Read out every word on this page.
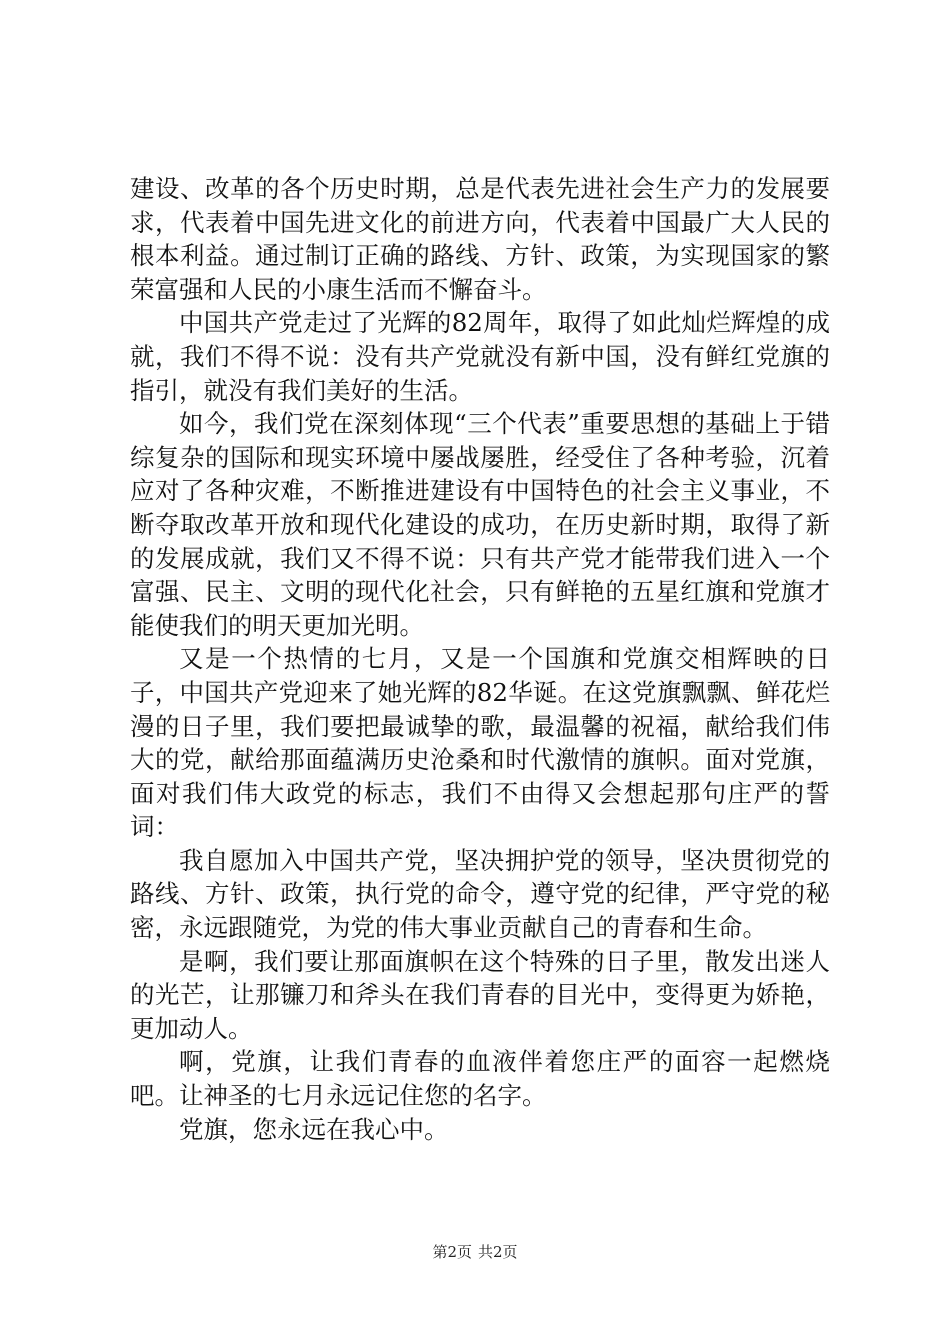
建设、改革的各个历史时期，总是代表先进社会生产力的发展要求，代表着中国先进文化的前进方向，代表着中国最广大人民的根本利益。通过制订正确的路线、方针、政策，为实现国家的繁荣富强和人民的小康生活而不懈奋斗。

中国共产党走过了光辉的82周年，取得了如此灿烂辉煌的成就，我们不得不说：没有共产党就没有新中国，没有鲜红党旗的指引，就没有我们美好的生活。

如今，我们党在深刻体现“三个代表”重要思想的基础上于错综复杂的国际和现实环境中屡战屡胜，经受住了各种考验，沉着应对了各种灾难，不断推进建设有中国特色的社会主义事业，不断夺取改革开放和现代化建设的成功，在历史新时期，取得了新的发展成就，我们又不得不说：只有共产党才能带我们进入一个富强、民主、文明的现代化社会，只有鲜艳的五星红旗和党旗才能使我们的明天更加光明。

又是一个热情的七月，又是一个国旗和党旗交相辉映的日子，中国共产党迎来了她光辉的82华诞。在这党旗飘飘、鲜花烂漫的日子里，我们要把最诚挚的歌，最温馨的祝福，献给我们伟大的党，献给那面蕴满历史沧桑和时代激情的旗帜。面对党旗，面对我们伟大政党的标志，我们不由得又会想起那句庄严的誓词：

我自愿加入中国共产党，坚决拥护党的领导，坚决贯彻党的路线、方针、政策，执行党的命令，遵守党的纪律，严守党的秘密，永远跟随党，为党的伟大事业贡献自己的青春和生命。

是啊，我们要让那面旗帜在这个特殊的日子里，散发出迷人的光芒，让那镰刀和斧头在我们青春的目光中，变得更为娇艳，更加动人。

啊，党旗，让我们青春的血液伴着您庄严的面容一起燃烧吧。让神圣的七月永远记住您的名字。

党旗，您永远在我心中。

第2页 共2页
